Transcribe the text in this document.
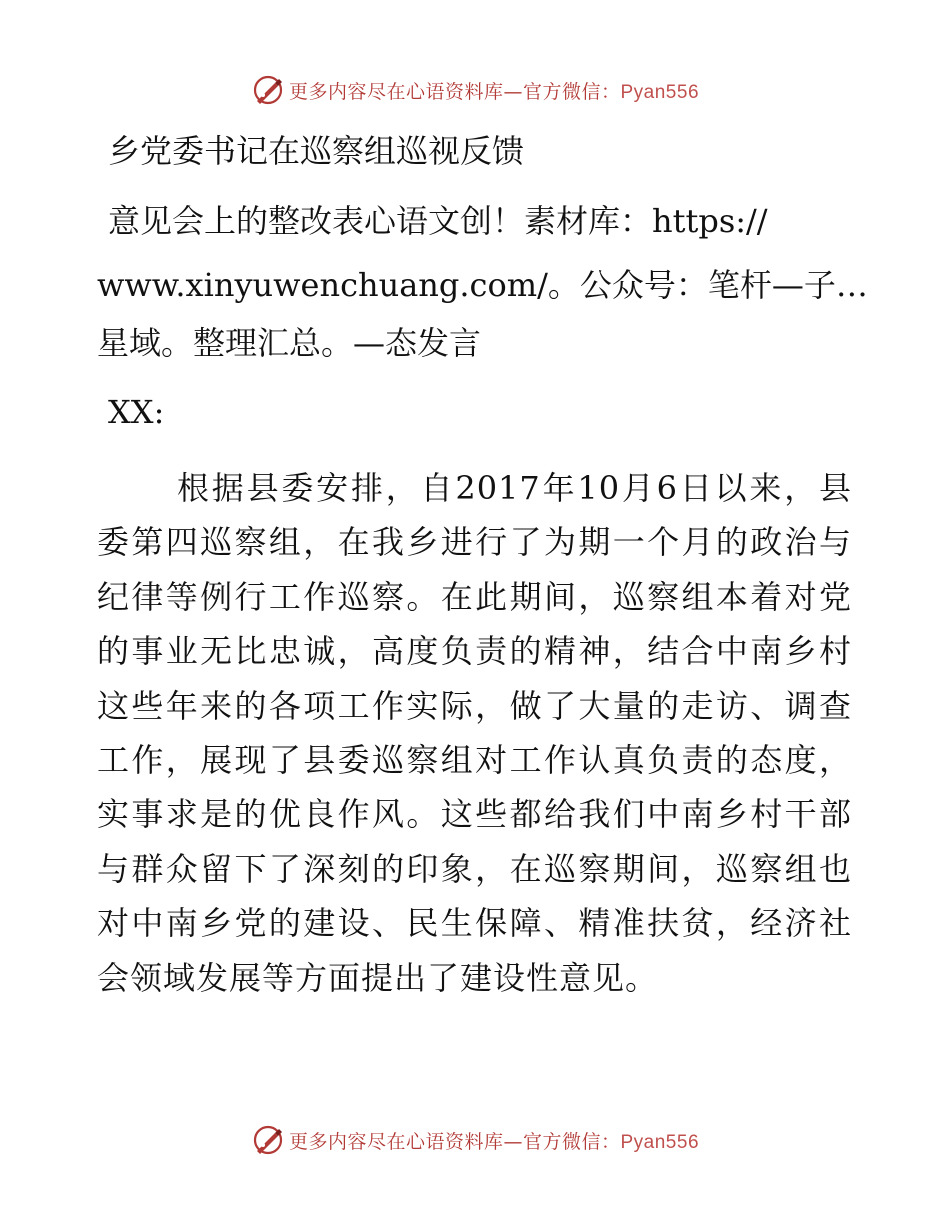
更多内容尽在心语资料库—官方微信：Pyan556
乡党委书记在巡察组巡视反馈
意见会上的整改表心语文创！素材库：https://
www.xinyuwenchuang.com/。公众号：笔杆—子…
星域。整理汇总。—态发言
XX:

根据县委安排，自2017年10月6日以来，县委第四巡察组，在我乡进行了为期一个月的政治与纪律等例行工作巡察。在此期间，巡察组本着对党的事业无比忠诚，高度负责的精神，结合中南乡村这些年来的各项工作实际，做了大量的走访、调查工作，展现了县委巡察组对工作认真负责的态度，实事求是的优良作风。这些都给我们中南乡村干部与群众留下了深刻的印象，在巡察期间，巡察组也对中南乡党的建设、民生保障、精准扶贫，经济社会领域发展等方面提出了建设性意见。

更多内容尽在心语资料库—官方微信：Pyan556
